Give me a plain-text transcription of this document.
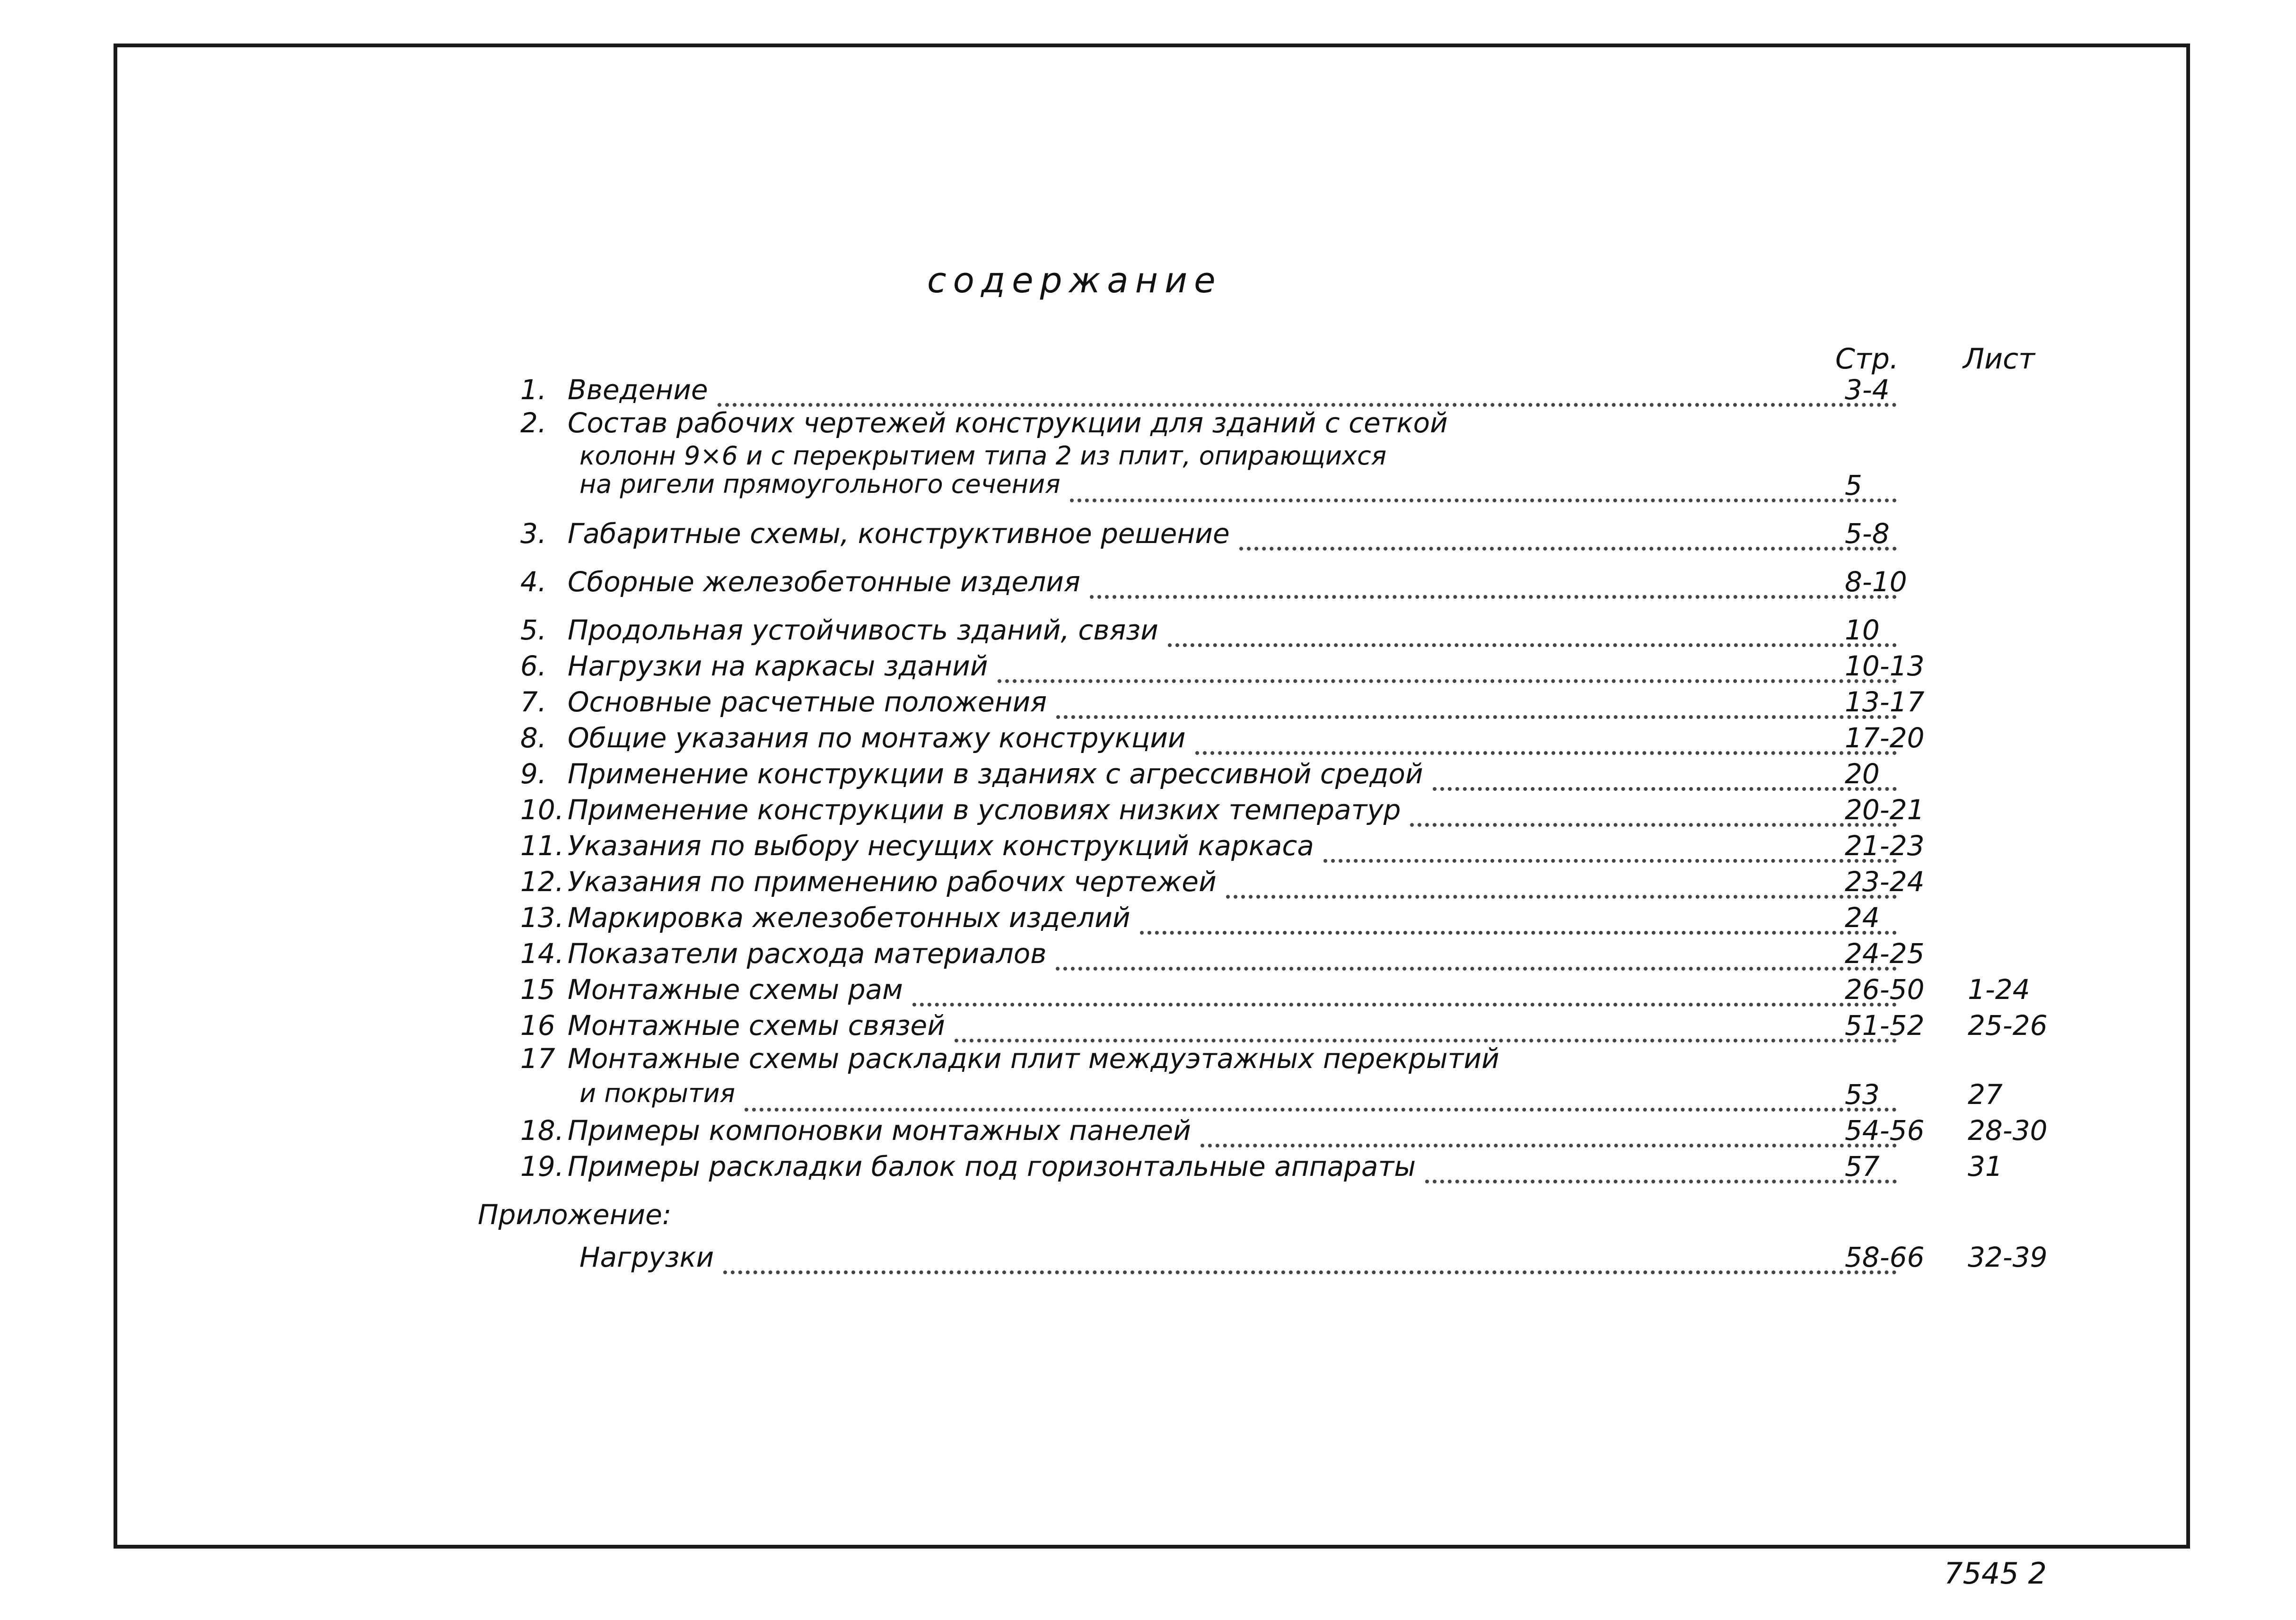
содержание
Стр. Лист
1. Введение	3-4
2. Состав рабочих чертежей конструкции для зданий с сеткой
колонн 9×6 и с перекрытием типа 2 из плит, опирающихся
на ригели прямоугольного сечения	5
3. Габаритные схемы, конструктивное решение	5-8
4. Сборные железобетонные изделия	8-10
5. Продольная устойчивость зданий, связи	10
6. Нагрузки на каркасы зданий	10-13
7. Основные расчетные положения	13-17
8. Общие указания по монтажу конструкции	17-20
9. Применение конструкции в зданиях с агрессивной средой	20
10. Применение конструкции в условиях низких температур	20-21
11. Указания по выбору несущих конструкций каркаса	21-23
12. Указания по применению рабочих чертежей	23-24
13. Маркировка железобетонных изделий	24
14. Показатели расхода материалов	24-25
15 Монтажные схемы рам	26-50 1-24
16 Монтажные схемы связей	51-52 25-26
17 Монтажные схемы раскладки плит междуэтажных перекрытий
и покрытия	53	27
18. Примеры компоновки монтажных панелей	54-56 28-30
19. Примеры раскладки балок под горизонтальные аппараты	57	31
Приложение:
Нагрузки	58-66 32-39
7545 2
